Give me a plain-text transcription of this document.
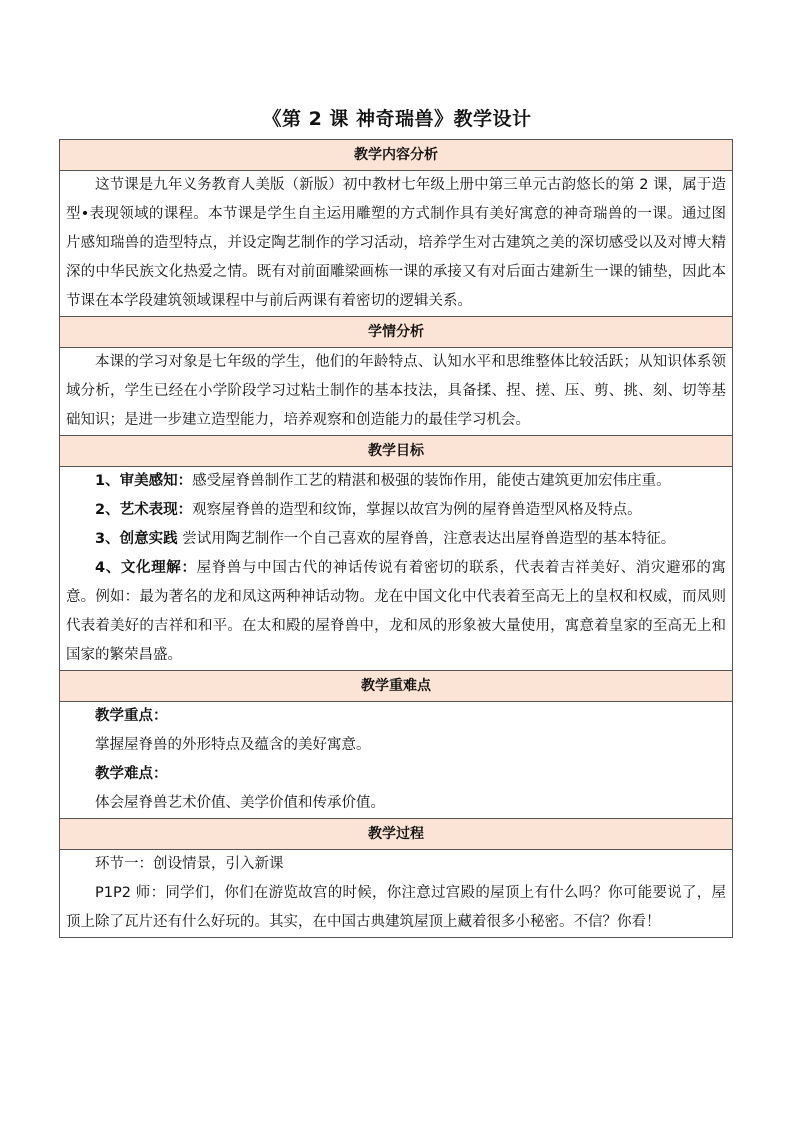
《第 2 课 神奇瑞兽》教学设计
教学内容分析

这节课是九年义务教育人美版（新版）初中教材七年级上册中第三单元古韵悠长的第 2 课，属于造型•表现领域的课程。本节课是学生自主运用雕塑的方式制作具有美好寓意的神奇瑞兽的一课。通过图片感知瑞兽的造型特点，并设定陶艺制作的学习活动，培养学生对古建筑之美的深切感受以及对博大精深的中华民族文化热爱之情。既有对前面雕梁画栋一课的承接又有对后面古建新生一课的铺垫，因此本节课在本学段建筑领域课程中与前后两课有着密切的逻辑关系。

学情分析

本课的学习对象是七年级的学生，他们的年龄特点、认知水平和思维整体比较活跃；从知识体系领域分析，学生已经在小学阶段学习过粘土制作的基本技法，具备揉、捏、搓、压、剪、挑、刻、切等基础知识；是进一步建立造型能力，培养观察和创造能力的最佳学习机会。

教学目标

1、审美感知：感受屋脊兽制作工艺的精湛和极强的装饰作用，能使古建筑更加宏伟庄重。

2、艺术表现：观察屋脊兽的造型和纹饰，掌握以故宫为例的屋脊兽造型风格及特点。

3、创意实践 尝试用陶艺制作一个自己喜欢的屋脊兽，注意表达出屋脊兽造型的基本特征。

4、文化理解：屋脊兽与中国古代的神话传说有着密切的联系，代表着吉祥美好、消灾避邪的寓意。例如：最为著名的龙和凤这两种神话动物。龙在中国文化中代表着至高无上的皇权和权威，而凤则代表着美好的吉祥和和平。在太和殿的屋脊兽中，龙和凤的形象被大量使用，寓意着皇家的至高无上和国家的繁荣昌盛。

教学重难点

教学重点：

掌握屋脊兽的外形特点及蕴含的美好寓意。

教学难点：

体会屋脊兽艺术价值、美学价值和传承价值。

教学过程

环节一：创设情景，引入新课

P1P2 师：同学们，你们在游览故宫的时候，你注意过宫殿的屋顶上有什么吗？你可能要说了，屋顶上除了瓦片还有什么好玩的。其实，在中国古典建筑屋顶上藏着很多小秘密。不信？你看！
